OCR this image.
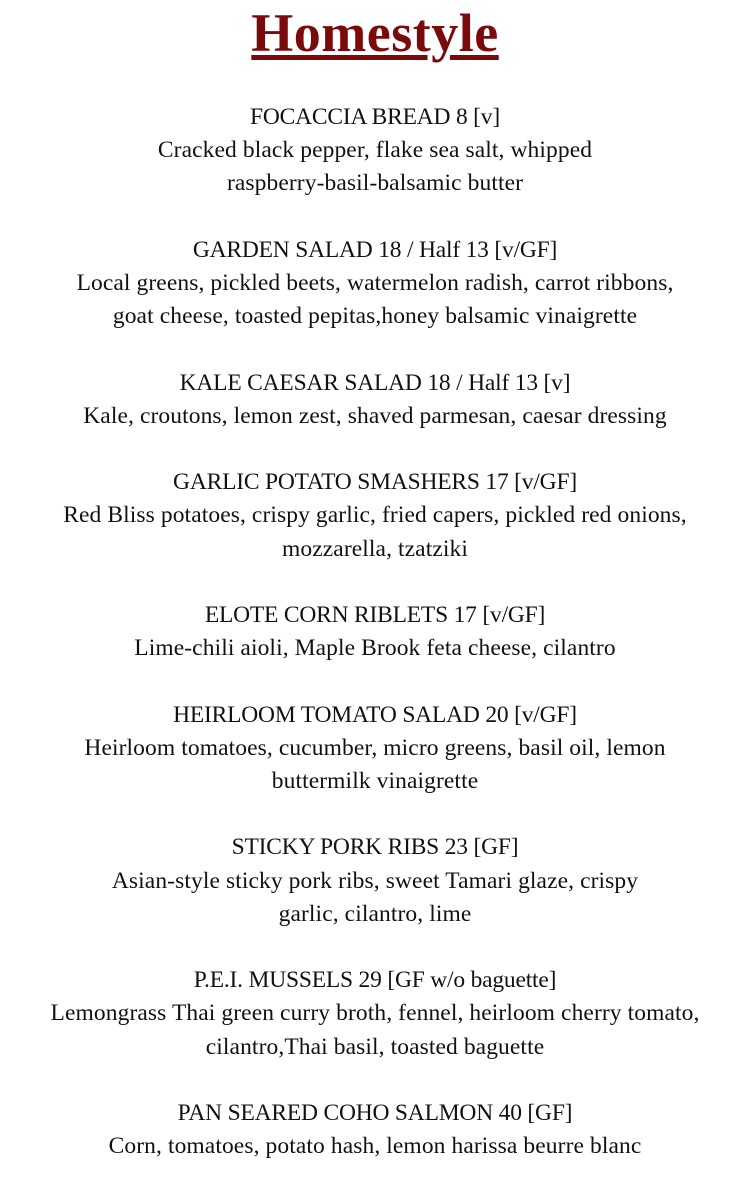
Homestyle
FOCACCIA BREAD 8 [v]
Cracked black pepper, flake sea salt, whipped
raspberry-basil-balsamic butter
GARDEN SALAD 18 / Half 13 [v/GF]
Local greens, pickled beets, watermelon radish, carrot ribbons,
goat cheese, toasted pepitas,honey balsamic vinaigrette
KALE CAESAR SALAD 18 / Half 13 [v]
Kale, croutons, lemon zest, shaved parmesan, caesar dressing
GARLIC POTATO SMASHERS 17 [v/GF]
Red Bliss potatoes, crispy garlic, fried capers, pickled red onions,
mozzarella, tzatziki
ELOTE CORN RIBLETS 17 [v/GF]
Lime-chili aioli, Maple Brook feta cheese, cilantro
HEIRLOOM TOMATO SALAD 20 [v/GF]
Heirloom tomatoes, cucumber, micro greens, basil oil, lemon
buttermilk vinaigrette
STICKY PORK RIBS 23 [GF]
Asian-style sticky pork ribs, sweet Tamari glaze, crispy
garlic, cilantro, lime
P.E.I. MUSSELS 29 [GF w/o baguette]
Lemongrass Thai green curry broth, fennel, heirloom cherry tomato,
cilantro,Thai basil, toasted baguette
PAN SEARED COHO SALMON 40 [GF]
Corn, tomatoes, potato hash, lemon harissa beurre blanc
